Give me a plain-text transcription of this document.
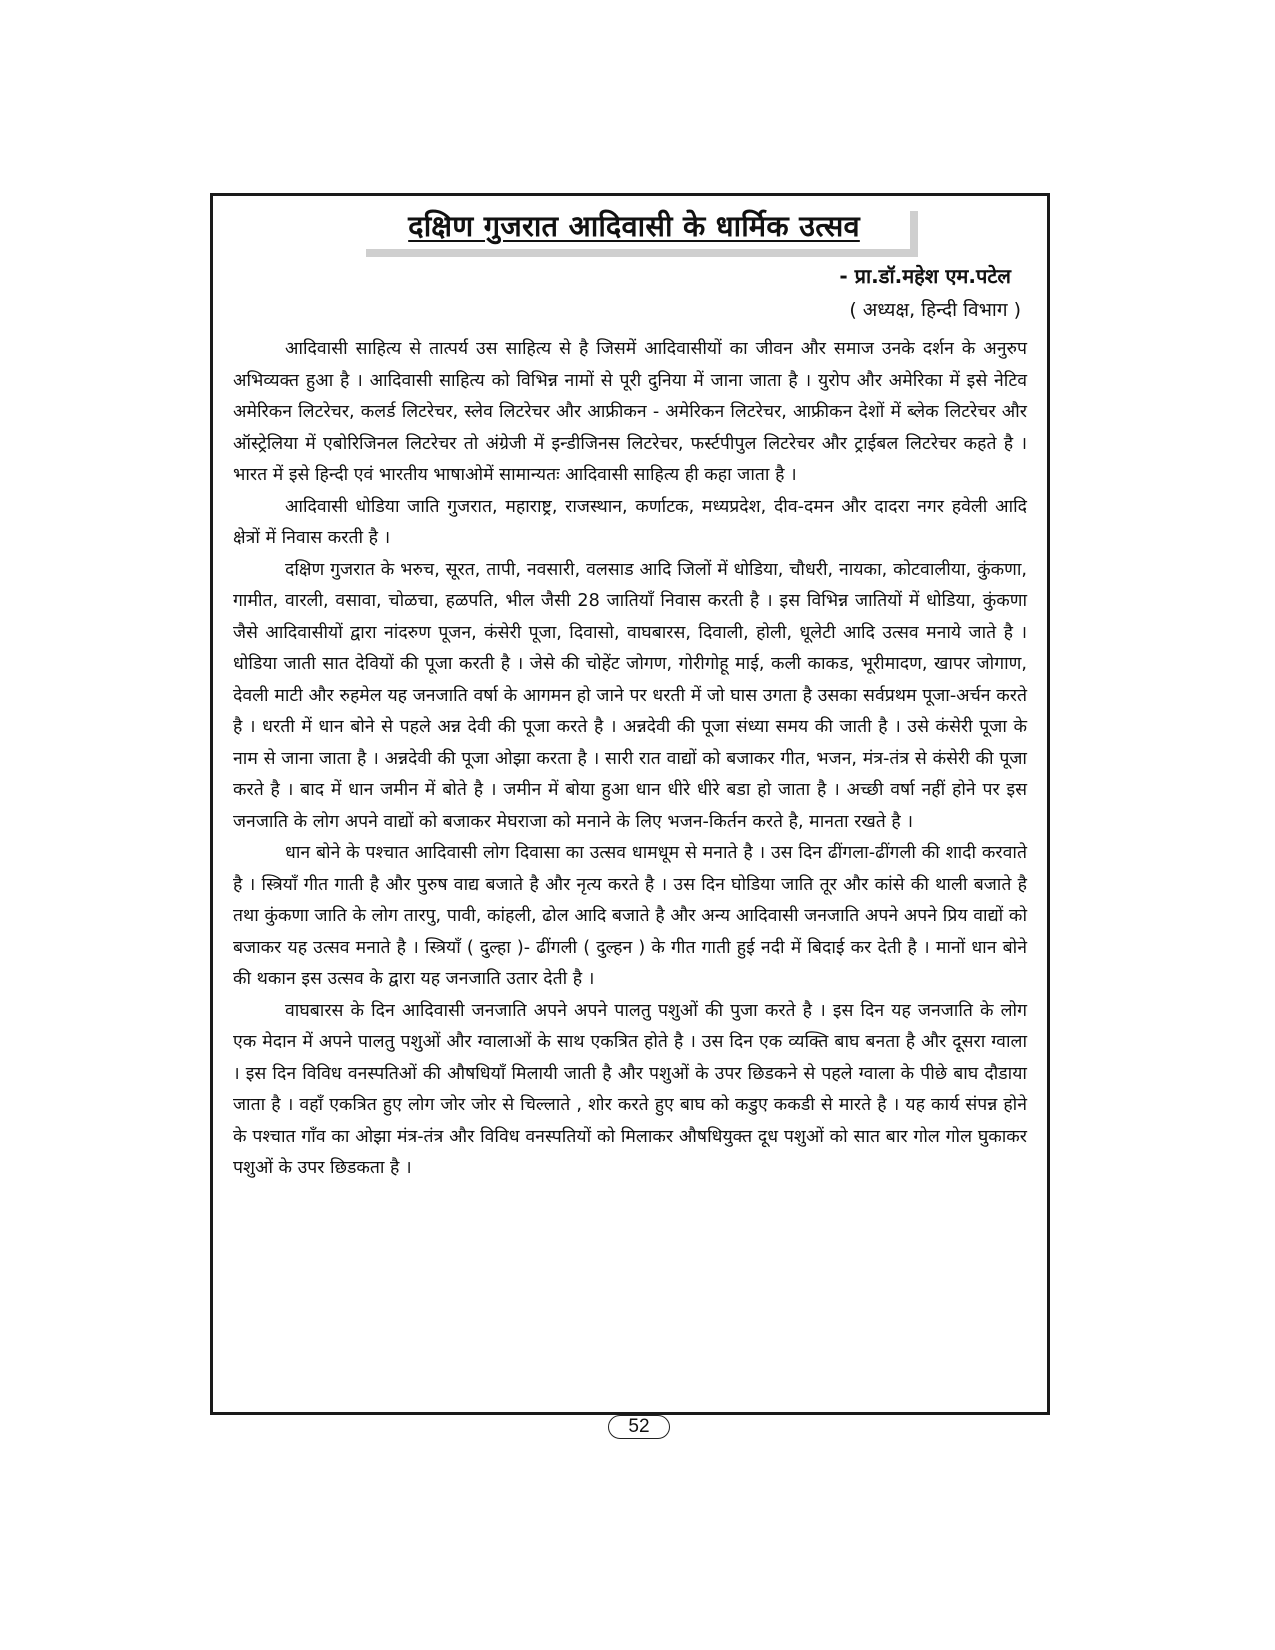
दक्षिण गुजरात आदिवासी के धार्मिक उत्सव
- प्रा.डॉ.महेश एम.पटेल
( अध्यक्ष, हिन्दी विभाग )

आदिवासी साहित्य से तात्पर्य उस साहित्य से है जिसमें आदिवासीयों का जीवन और समाज उनके दर्शन के अनुरुप अभिव्यक्त हुआ है । आदिवासी साहित्य को विभिन्न नामों से पूरी दुनिया में जाना जाता है । युरोप और अमेरिका में इसे नेटिव अमेरिकन लिटरेचर, कलर्ड लिटरेचर, स्लेव लिटरेचर और आफ्रीकन - अमेरिकन लिटरेचर, आफ्रीकन देशों में ब्लेक लिटरेचर और ऑस्ट्रेलिया में एबोरिजिनल लिटरेचर तो अंग्रेजी में इन्डीजिनस लिटरेचर, फर्स्टपीपुल लिटरेचर और ट्राईबल लिटरेचर कहते है । भारत में इसे हिन्दी एवं भारतीय भाषाओमें सामान्यतः आदिवासी साहित्य ही कहा जाता है ।

आदिवासी धोडिया जाति गुजरात, महाराष्ट्र, राजस्थान, कर्णाटक, मध्यप्रदेश, दीव-दमन और दादरा नगर हवेली आदि क्षेत्रों में निवास करती है ।

दक्षिण गुजरात के भरुच, सूरत, तापी, नवसारी, वलसाड आदि जिलों में धोडिया, चौधरी, नायका, कोटवालीया, कुंकणा, गामीत, वारली, वसावा, चोळचा, हळपति, भील जैसी 28 जातियाँ निवास करती है । इस विभिन्न जातियों में धोडिया, कुंकणा जैसे आदिवासीयों द्वारा नांदरुण पूजन, कंसेरी पूजा, दिवासो, वाघबारस, दिवाली, होली, धूलेटी आदि उत्सव मनाये जाते है । धोडिया जाती सात देवियों की पूजा करती है । जेसे की चोहेंट जोगण, गोरीगोहू माई, कली काकड, भूरीमादण, खापर जोगाण, देवली माटी और रुहमेल यह जनजाति वर्षा के आगमन हो जाने पर धरती में जो घास उगता है उसका सर्वप्रथम पूजा-अर्चन करते है । धरती में धान बोने से पहले अन्न देवी की पूजा करते है । अन्नदेवी की पूजा संध्या समय की जाती है । उसे कंसेरी पूजा के नाम से जाना जाता है । अन्नदेवी की पूजा ओझा करता है । सारी रात वाद्यों को बजाकर गीत, भजन, मंत्र-तंत्र से कंसेरी की पूजा करते है । बाद में धान जमीन में बोते है । जमीन में बोया हुआ धान धीरे धीरे बडा हो जाता है । अच्छी वर्षा नहीं होने पर इस जनजाति के लोग अपने वाद्यों को बजाकर मेघराजा को मनाने के लिए भजन-किर्तन करते है, मानता रखते है ।

धान बोने के पश्चात आदिवासी लोग दिवासा का उत्सव धामधूम से मनाते है । उस दिन ढींगला-ढींगली की शादी करवाते है । स्त्रियाँ गीत गाती है और पुरुष वाद्य बजाते है और नृत्य करते है । उस दिन घोडिया जाति तूर और कांसे की थाली बजाते है तथा कुंकणा जाति के लोग तारपु, पावी, कांहली, ढोल आदि बजाते है और अन्य आदिवासी जनजाति अपने अपने प्रिय वाद्यों को बजाकर यह उत्सव मनाते है । स्त्रियाँ ( दुल्हा )- ढींगली ( दुल्हन ) के गीत गाती हुई नदी में बिदाई कर देती है । मानों धान बोने की थकान इस उत्सव के द्वारा यह जनजाति उतार देती है ।

वाघबारस के दिन आदिवासी जनजाति अपने अपने पालतु पशुओं की पुजा करते है । इस दिन यह जनजाति के लोग एक मेदान में अपने पालतु पशुओं और ग्वालाओं के साथ एकत्रित होते है । उस दिन एक व्यक्ति बाघ बनता है और दूसरा ग्वाला । इस दिन विविध वनस्पतिओं की औषधियाँ मिलायी जाती है और पशुओं के उपर छिडकने से पहले ग्वाला के पीछे बाघ दौडाया जाता है । वहाँ एकत्रित हुए लोग जोर जोर से चिल्लाते , शोर करते हुए बाघ को कडुए ककडी से मारते है । यह कार्य संपन्न होने के पश्चात गाँव का ओझा मंत्र-तंत्र और विविध वनस्पतियों को मिलाकर औषधियुक्त दूध पशुओं को सात बार गोल गोल घुकाकर पशुओं के उपर छिडकता है ।

52
